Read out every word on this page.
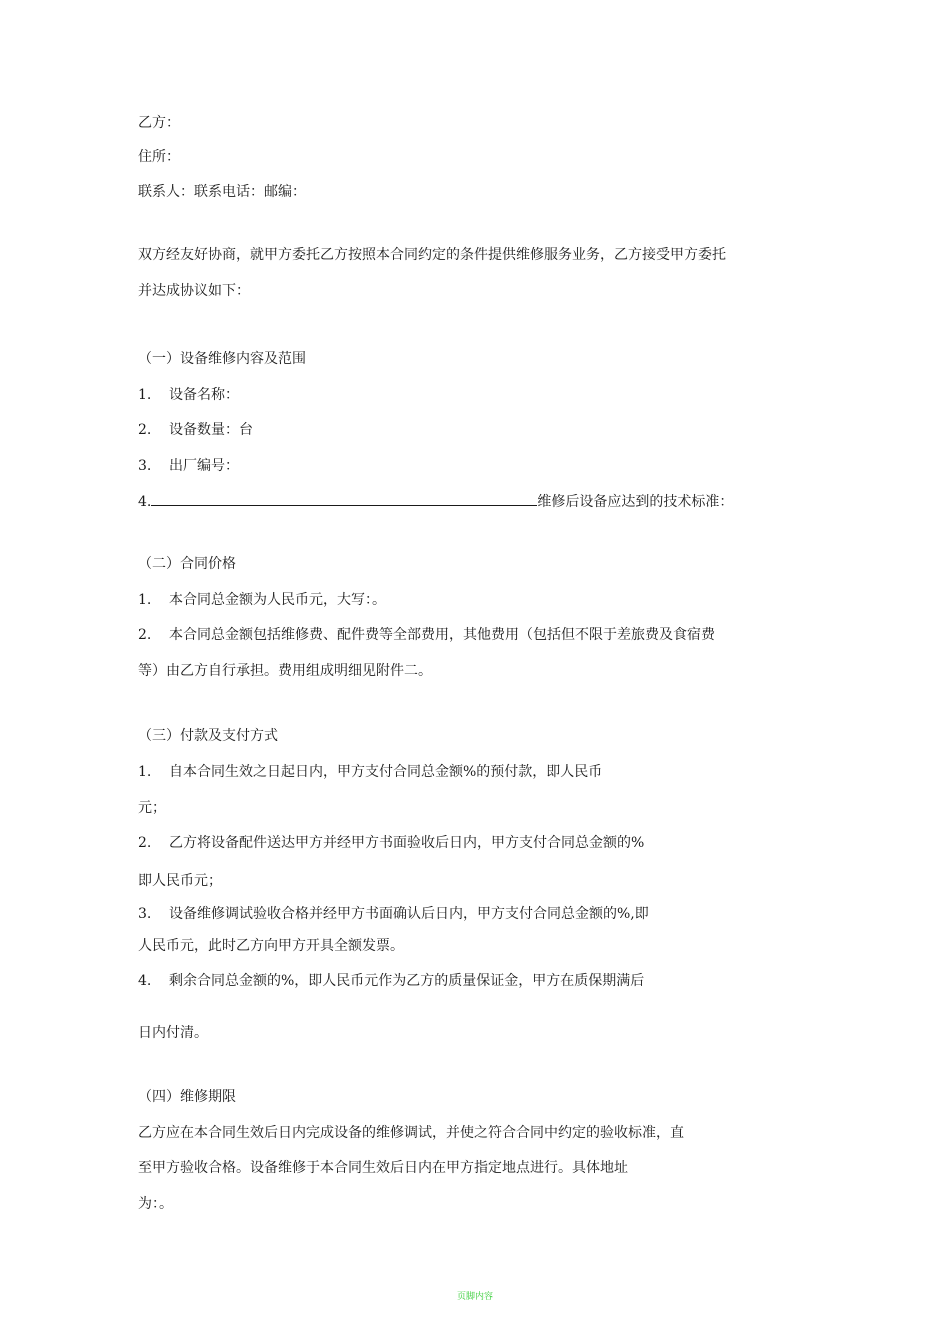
乙方：
住所：
联系人：联系电话：邮编：
双方经友好协商，就甲方委托乙方按照本合同约定的条件提供维修服务业务，乙方接受甲方委托
并达成协议如下：
（一）设备维修内容及范围
1. 设备名称：
2. 设备数量：台
3. 出厂编号：
4.	维修后设备应达到的技术标准：
（二）合同价格
1. 本合同总金额为人民币元，大写：。
2. 本合同总金额包括维修费、配件费等全部费用，其他费用（包括但不限于差旅费及食宿费
等）由乙方自行承担。费用组成明细见附件二。
（三）付款及支付方式
1. 自本合同生效之日起日内，甲方支付合同总金额%的预付款，即人民币
元；
2. 乙方将设备配件送达甲方并经甲方书面验收后日内，甲方支付合同总金额的%
即人民币元；
3. 设备维修调试验收合格并经甲方书面确认后日内，甲方支付合同总金额的%,即
人民币元，此时乙方向甲方开具全额发票。
4. 剩余合同总金额的%，即人民币元作为乙方的质量保证金，甲方在质保期满后
日内付清。
（四）维修期限
乙方应在本合同生效后日内完成设备的维修调试，并使之符合合同中约定的验收标准，直
至甲方验收合格。设备维修于本合同生效后日内在甲方指定地点进行。具体地址
为：。
页脚内容
